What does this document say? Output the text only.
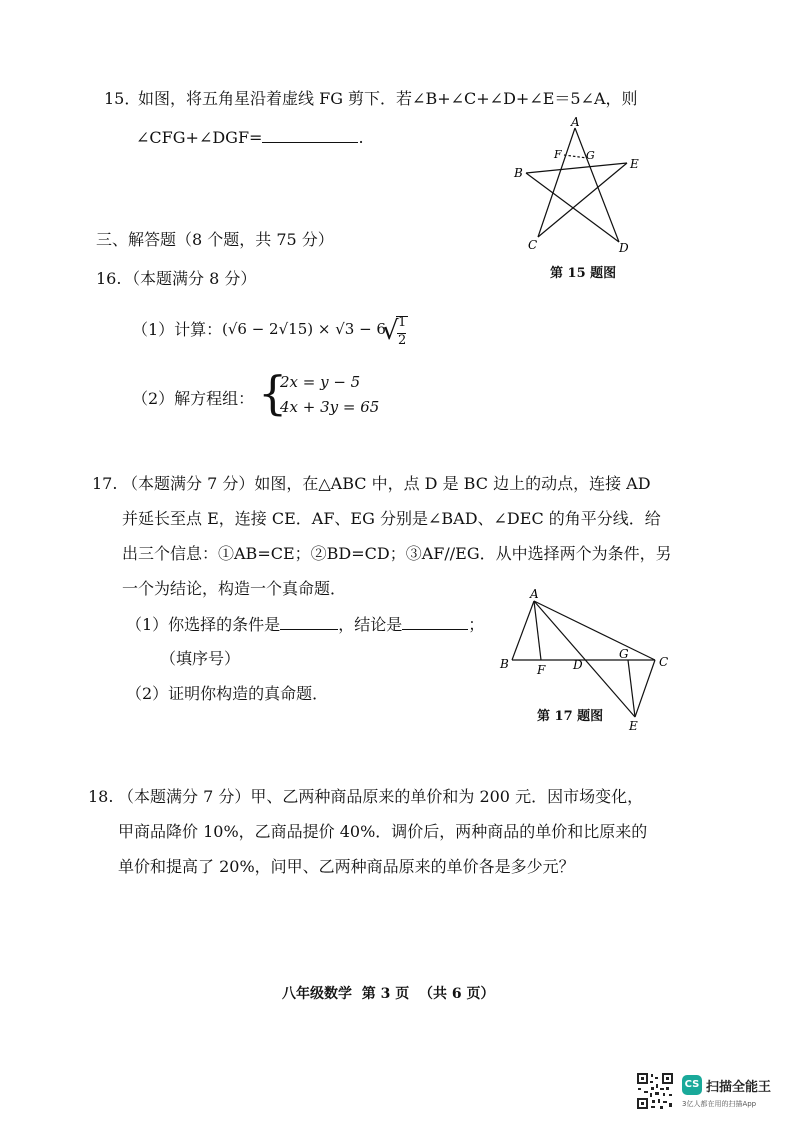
15．
如图，将五角星沿着虚线 FG 剪下．若∠B+∠C+∠D+∠E＝5∠A，则
∠CFG+∠DGF=	.
A
B
C	D
E
F G
第 15 题图
三、解答题（8 个题，共 75 分）
16. （本题满分 8 分）
（1）计算： (√6 − 2√15) × √3 − 6
√ 1
2
（2）解方程组： {
2x = y − 5
4x + 3y = 65
17. （本题满分 7 分）如图，在△ABC 中，点 D 是 BC 边上的动点，连接 AD
并延长至点 E，连接 CE．AF、EG 分别是∠BAD、∠DEC 的角平分线．给
出三个信息：①AB=CE；②BD=CD；③AF//EG．从中选择两个为条件，另
一个为结论，构造一个真命题．
（1）你选择的条件是	，结论是	；
（填序号）
（2）证明你构造的真命题．
A
B F D
G
C
E
第 17 题图
18. （本题满分 7 分）甲、乙两种商品原来的单价和为 200 元．因市场变化，
甲商品降价 10%，乙商品提价 40%．调价后，两种商品的单价和比原来的
单价和提高了 20%，问甲、乙两种商品原来的单价各是多少元？
八年级数学  第 3 页  （共 6 页）
CS 扫描全能王
3亿人都在用的扫描App
